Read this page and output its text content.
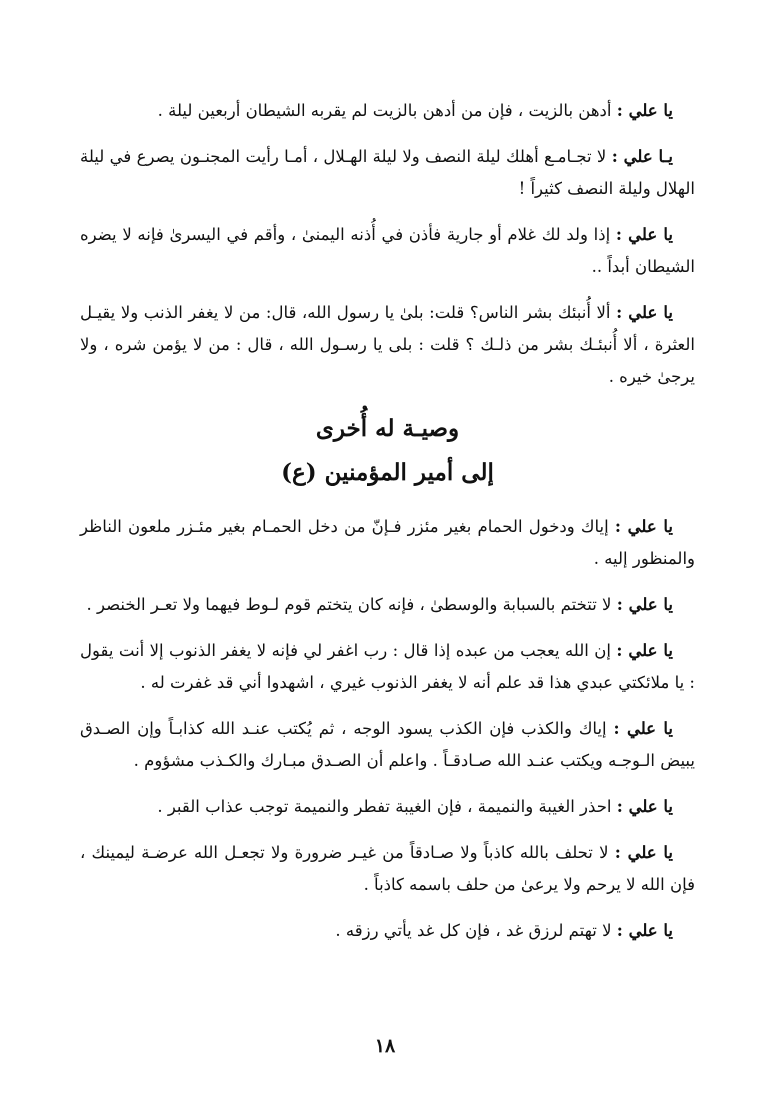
يا علي : أدهن بالزيت ، فإن من أدهن بالزيت لم يقربه الشيطان أربعين ليلة .

يـا علي : لا تجـامـع أهلك ليلة النصف ولا ليلة الهـلال ، أمـا رأيت المجنـون يصرع في ليلة الهلال وليلة النصف كثيراً !

يا علي : إذا ولد لك غلام أو جارية فأذن في أُذنه اليمنىٰ ، وأقم في اليسرىٰ فإنه لا يضره الشيطان أبداً ..

يا علي : ألا أُنبئك بشر الناس؟ قلت: بلىٰ يا رسول الله، قال: من لا يغفر الذنب ولا يقيـل العثرة ، ألا أُنبئـك بشر من ذلـك ؟ قلت : بلى يا رسـول الله ، قال : من لا يؤمن شره ، ولا يرجىٰ خيره .

وصيـة له أُخرى
إلى أمير المؤمنين (ع)

يا علي : إياك ودخول الحمام بغير مئزر فـإنّ من دخل الحمـام بغير مئـزر ملعون الناظر والمنظور إليه .

يا علي : لا تتختم بالسبابة والوسطىٰ ، فإنه كان يتختم قوم لـوط فيهما ولا تعـر الخنصر .

يا علي : إن الله يعجب من عبده إذا قال : رب اغفر لي فإنه لا يغفر الذنوب إلا أنت يقول : يا ملائكتي عبدي هذا قد علم أنه لا يغفر الذنوب غيري ، اشهدوا أني قد غفرت له .

يا علي : إياك والكذب فإن الكذب يسود الوجه ، ثم يُكتب عنـد الله كذابـاً وإن الصـدق يبيض الـوجـه ويكتب عنـد الله صـادقـاً . واعلم أن الصـدق مبـارك والكـذب مشؤوم .

يا علي : احذر الغيبة والنميمة ، فإن الغيبة تفطر والنميمة توجب عذاب القبر .

يا علي : لا تحلف بالله كاذباً ولا صـادقاً من غيـر ضرورة ولا تجعـل الله عرضـة ليمينك ، فإن الله لا يرحم ولا يرعىٰ من حلف باسمه كاذباً .

يا علي : لا تهتم لرزق غد ، فإن كل غد يأتي رزقه .

١٨
